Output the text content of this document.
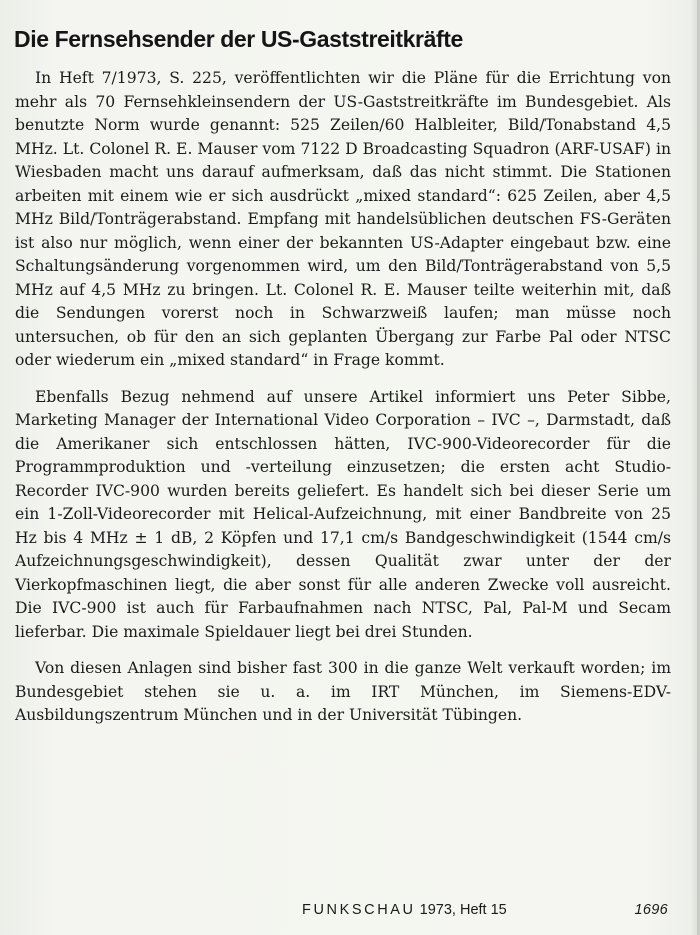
Die Fernsehsender der US-Gaststreitkräfte

In Heft 7/1973, S. 225, veröffentlichten wir die Pläne für die Errichtung von mehr als 70 Fernsehkleinsendern der US-Gaststreitkräfte im Bundesgebiet. Als benutzte Norm wurde genannt: 525 Zeilen/60 Halbleiter, Bild/Tonabstand 4,5 MHz. Lt. Colonel R. E. Mauser vom 7122 D Broadcasting Squadron (ARF-USAF) in Wiesbaden macht uns darauf aufmerksam, daß das nicht stimmt. Die Stationen arbeiten mit einem wie er sich ausdrückt „mixed standard“: 625 Zeilen, aber 4,5 MHz Bild/Tonträgerabstand. Empfang mit handelsüblichen deutschen FS-Geräten ist also nur möglich, wenn einer der bekannten US-Adapter eingebaut bzw. eine Schaltungsänderung vorgenommen wird, um den Bild/Tonträgerabstand von 5,5 MHz auf 4,5 MHz zu bringen. Lt. Colonel R. E. Mauser teilte weiterhin mit, daß die Sendungen vorerst noch in Schwarzweiß laufen; man müsse noch untersuchen, ob für den an sich geplanten Übergang zur Farbe Pal oder NTSC oder wiederum ein „mixed standard“ in Frage kommt.

Ebenfalls Bezug nehmend auf unsere Artikel informiert uns Peter Sibbe, Marketing Manager der International Video Corporation – IVC –, Darmstadt, daß die Amerikaner sich entschlossen hätten, IVC-900-Videorecorder für die Programmproduktion und -verteilung einzusetzen; die ersten acht Studio-Recorder IVC-900 wurden bereits geliefert. Es handelt sich bei dieser Serie um ein 1-Zoll-Videorecorder mit Helical-Aufzeichnung, mit einer Bandbreite von 25 Hz bis 4 MHz ± 1 dB, 2 Köpfen und 17,1 cm/s Bandgeschwindigkeit (1544 cm/s Aufzeichnungsgeschwindigkeit), dessen Qualität zwar unter der der Vierkopfmaschinen liegt, die aber sonst für alle anderen Zwecke voll ausreicht. Die IVC-900 ist auch für Farbaufnahmen nach NTSC, Pal, Pal-M und Secam lieferbar. Die maximale Spieldauer liegt bei drei Stunden.

Von diesen Anlagen sind bisher fast 300 in die ganze Welt verkauft worden; im Bundesgebiet stehen sie u. a. im IRT München, im Siemens-EDV-Ausbildungszentrum München und in der Universität Tübingen.

FUNKSCHAU 1973, Heft 15	1696
